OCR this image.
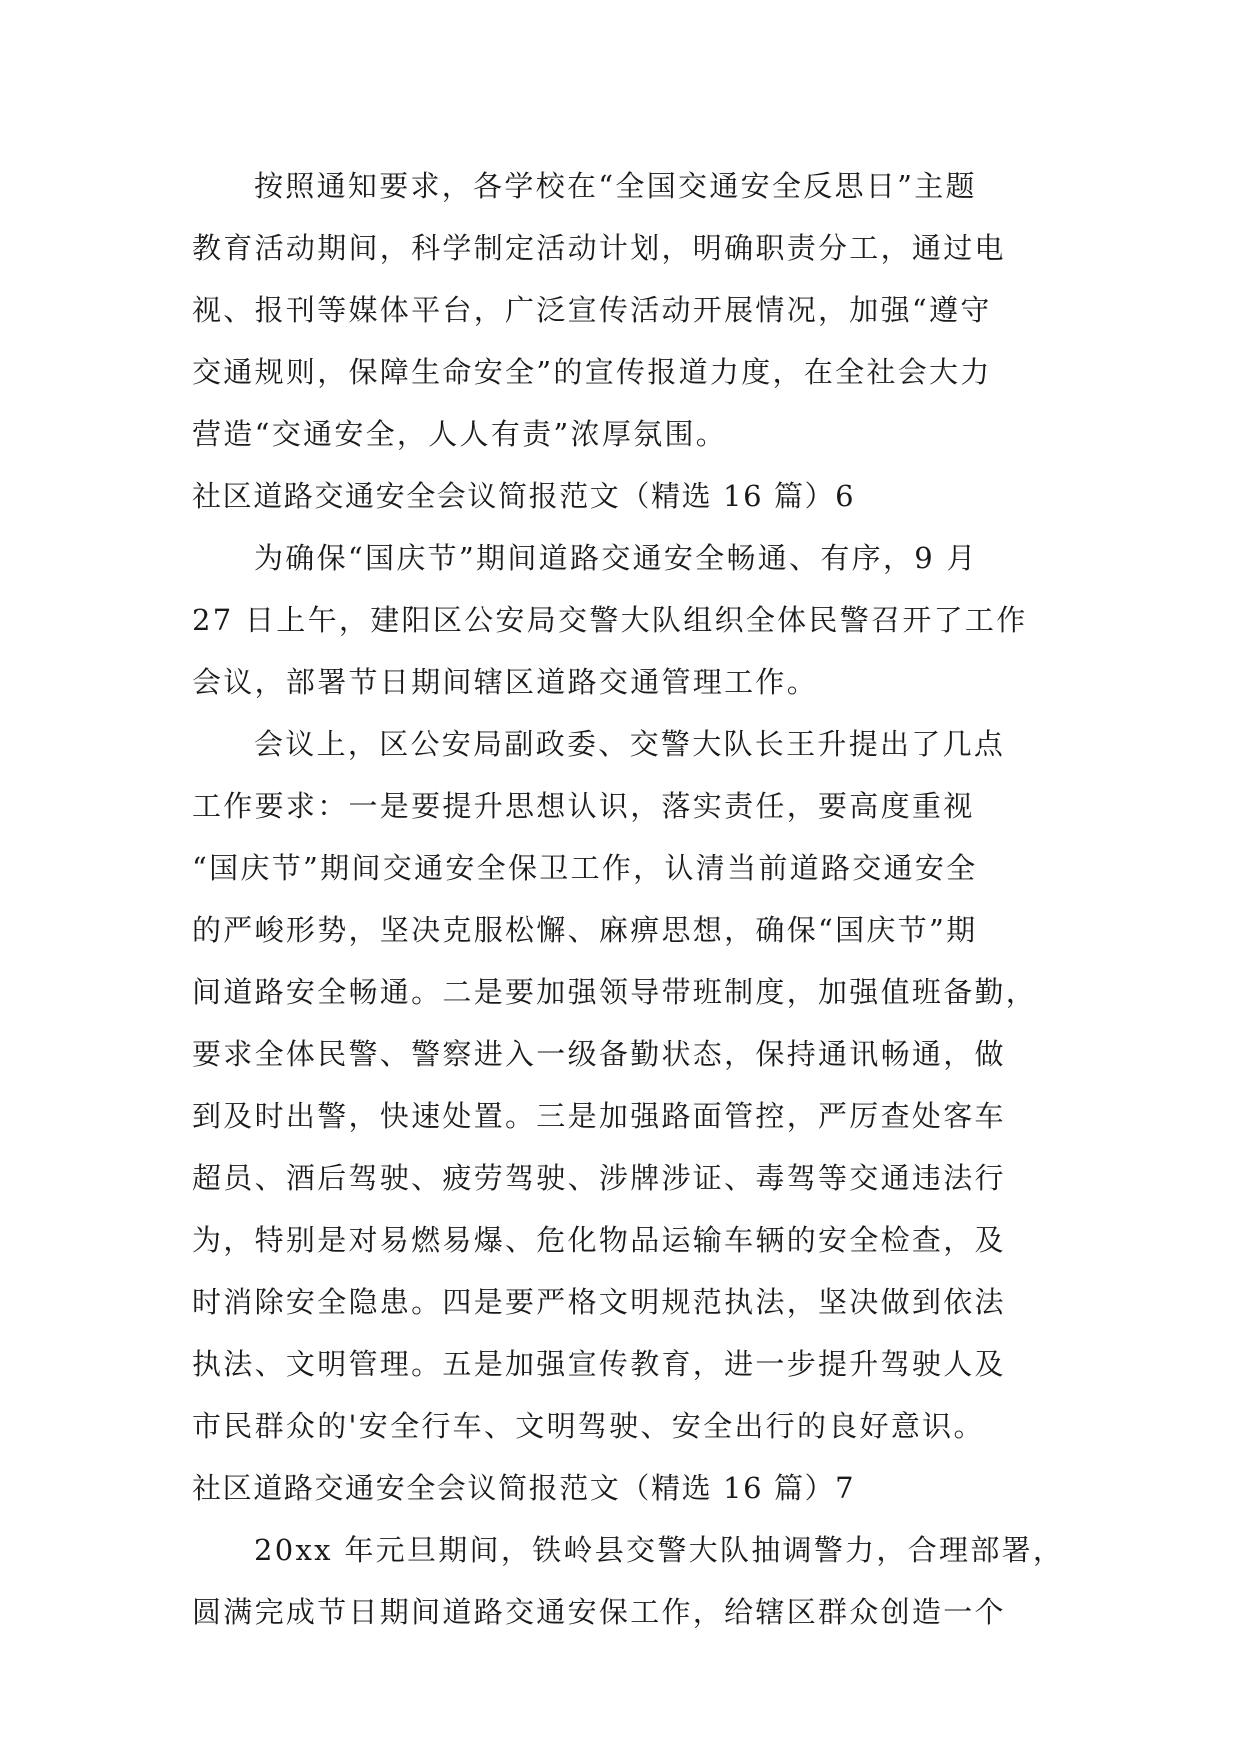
按照通知要求，各学校在“全国交通安全反思日”主题
教育活动期间，科学制定活动计划，明确职责分工，通过电
视、报刊等媒体平台，广泛宣传活动开展情况，加强“遵守
交通规则，保障生命安全”的宣传报道力度，在全社会大力
营造“交通安全，人人有责”浓厚氛围。
社区道路交通安全会议简报范文（精选 16 篇）6
为确保“国庆节”期间道路交通安全畅通、有序，9 月
27 日上午，建阳区公安局交警大队组织全体民警召开了工作
会议，部署节日期间辖区道路交通管理工作。
会议上，区公安局副政委、交警大队长王升提出了几点
工作要求：一是要提升思想认识，落实责任，要高度重视
“国庆节”期间交通安全保卫工作，认清当前道路交通安全
的严峻形势，坚决克服松懈、麻痹思想，确保“国庆节”期
间道路安全畅通。二是要加强领导带班制度，加强值班备勤，
要求全体民警、警察进入一级备勤状态，保持通讯畅通，做
到及时出警，快速处置。三是加强路面管控，严厉查处客车
超员、酒后驾驶、疲劳驾驶、涉牌涉证、毒驾等交通违法行
为，特别是对易燃易爆、危化物品运输车辆的安全检查，及
时消除安全隐患。四是要严格文明规范执法，坚决做到依法
执法、文明管理。五是加强宣传教育，进一步提升驾驶人及
市民群众的'安全行车、文明驾驶、安全出行的良好意识。
社区道路交通安全会议简报范文（精选 16 篇）7
20xx 年元旦期间，铁岭县交警大队抽调警力，合理部署，
圆满完成节日期间道路交通安保工作，给辖区群众创造一个
